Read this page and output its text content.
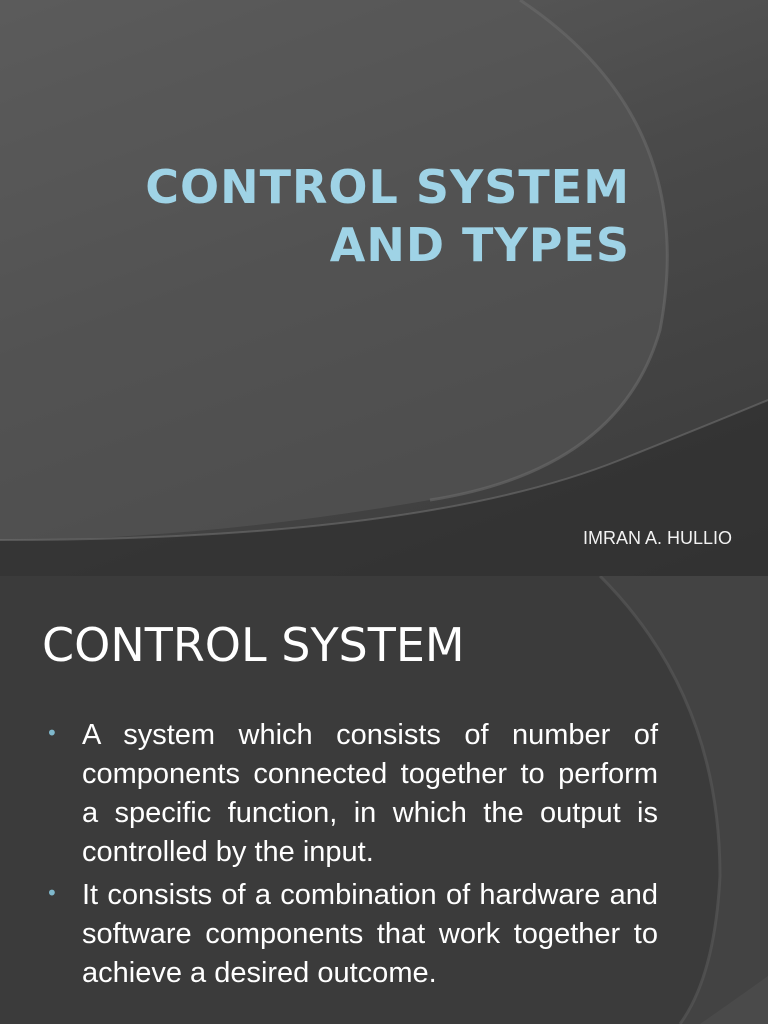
CONTROL SYSTEM
AND TYPES
IMRAN A. HULLIO
CONTROL SYSTEM
• A system which consists of number of components connected together to perform a specific function, in which the output is controlled by the input.
• It consists of a combination of hardware and software components that work together to achieve a desired outcome.
